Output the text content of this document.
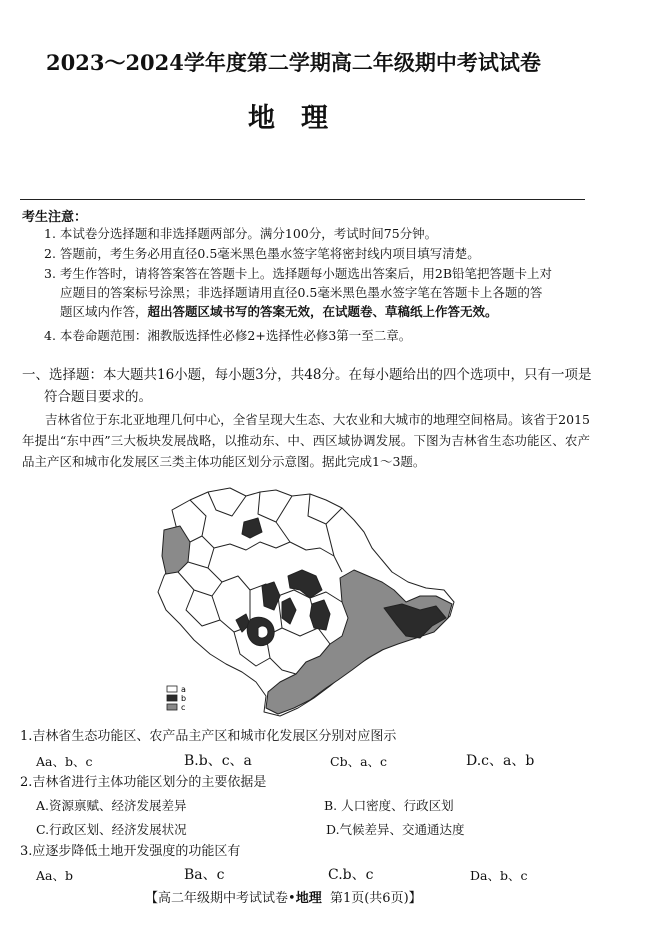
2023～2024学年度第二学期高二年级期中考试试卷
地理
考生注意：
1. 本试卷分选择题和非选择题两部分。满分100分，考试时间75分钟。
2. 答题前，考生务必用直径0.5毫米黑色墨水签字笔将密封线内项目填写清楚。
3. 考生作答时，请将答案答在答题卡上。选择题每小题选出答案后，用2B铅笔把答题卡上对
应题目的答案标号涂黑；非选择题请用直径0.5毫米黑色墨水签字笔在答题卡上各题的答
题区域内作答，超出答题区域书写的答案无效，在试题卷、草稿纸上作答无效。
4. 本卷命题范围：湘教版选择性必修2+选择性必修3第一至二章。
一、选择题：本大题共16小题，每小题3分，共48分。在每小题给出的四个选项中，只有一项是
符合题目要求的。
吉林省位于东北亚地理几何中心，全省呈现大生态、大农业和大城市的地理空间格局。该省于2015年提出“东中西”三大板块发展战略，以推动东、中、西区域协调发展。下图为吉林省生态功能区、农产品主产区和城市化发展区三类主体功能区划分示意图。据此完成1～3题。
a
b
c
1.吉林省生态功能区、农产品主产区和城市化发展区分别对应图示
Aa、b、c	B.b、c、a	Cb、a、c	D.c、a、b
2.吉林省进行主体功能区划分的主要依据是
A.资源禀赋、经济发展差异	B. 人口密度、行政区划
C.行政区划、经济发展状况	D.气候差异、交通通达度
3.应逐步降低土地开发强度的功能区有
Aa、b	Ba、c	C.b、c	Da、b、c
【高二年级期中考试试卷•地理 第1页(共6页)】
